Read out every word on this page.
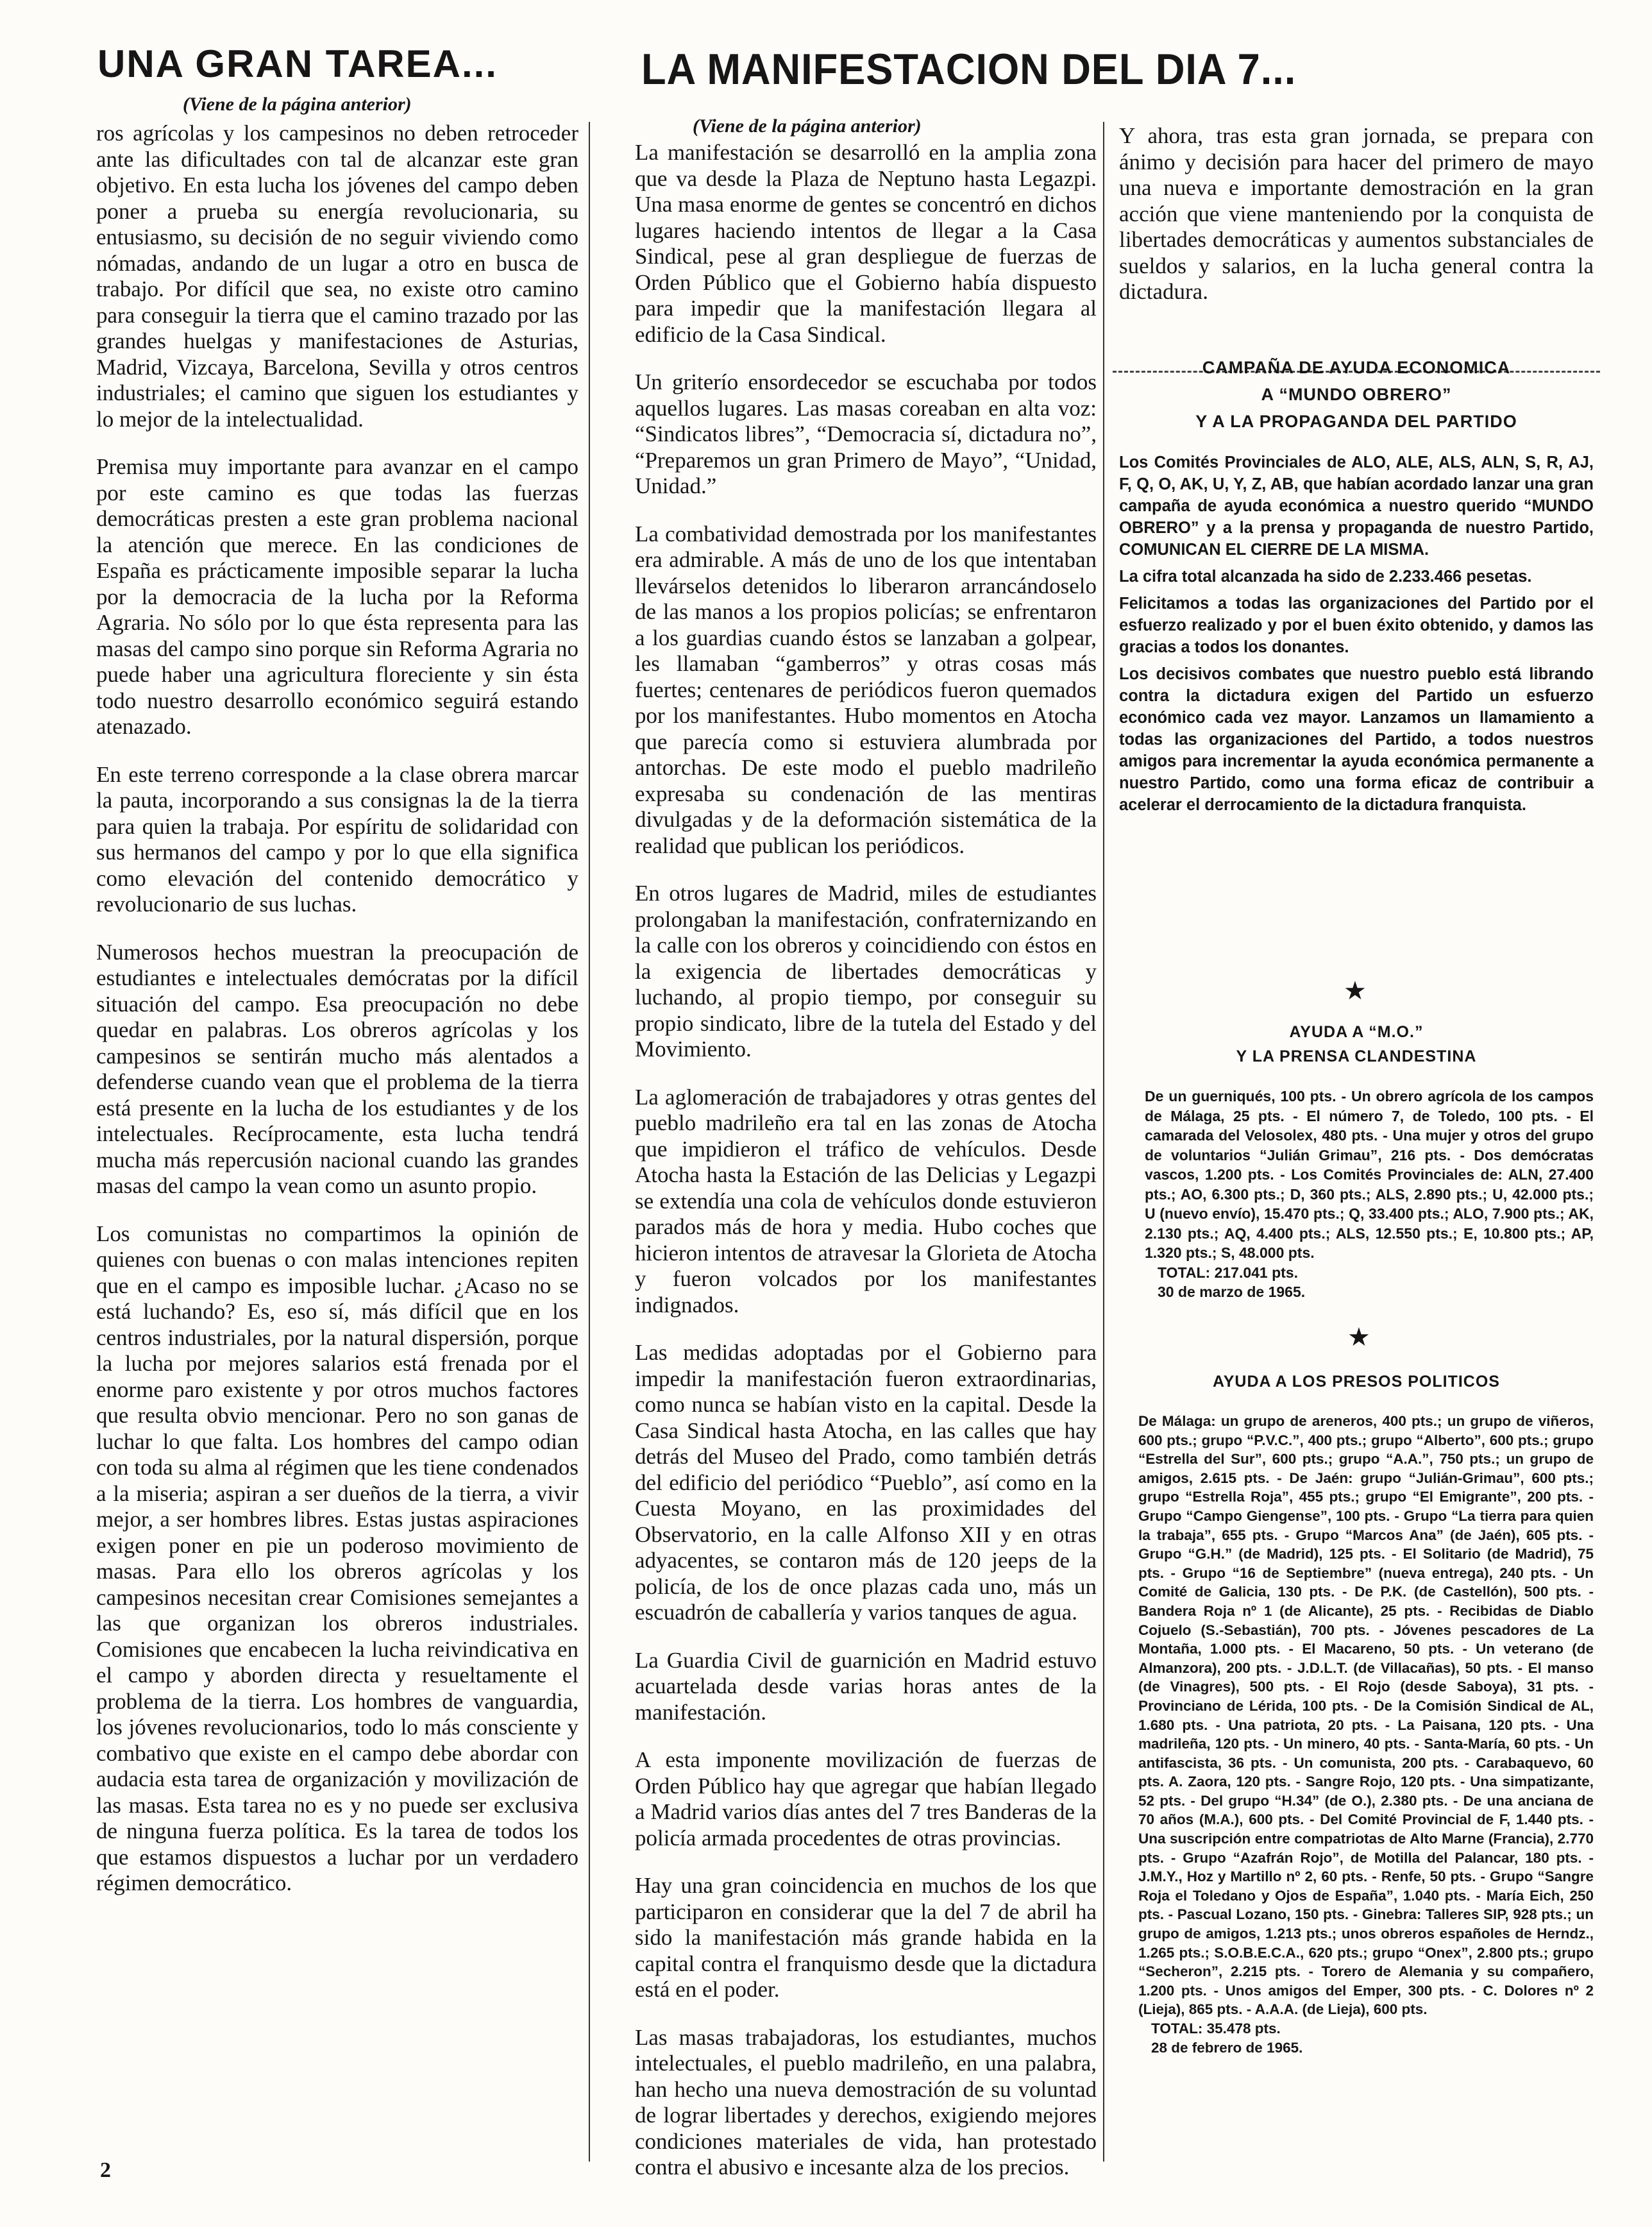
UNA GRAN TAREA...

(Viene de la página anterior)

ros agrícolas y los campesinos no deben retroceder ante las dificultades con tal de alcanzar este gran objetivo. En esta lucha los jóvenes del campo deben poner a prueba su energía revolucionaria, su entusiasmo, su decisión de no seguir viviendo como nómadas, andando de un lugar a otro en busca de trabajo. Por difícil que sea, no existe otro camino para conseguir la tierra que el camino trazado por las grandes huelgas y manifestaciones de Asturias, Madrid, Vizcaya, Barcelona, Sevilla y otros centros industriales; el camino que siguen los estudiantes y lo mejor de la intelectualidad.

Premisa muy importante para avanzar en el campo por este camino es que todas las fuerzas democráticas presten a este gran problema nacional la atención que merece. En las condiciones de España es prácticamente imposible separar la lucha por la democracia de la lucha por la Reforma Agraria. No sólo por lo que ésta representa para las masas del campo sino porque sin Reforma Agraria no puede haber una agricultura floreciente y sin ésta todo nuestro desarrollo económico seguirá estando atenazado.

En este terreno corresponde a la clase obrera marcar la pauta, incorporando a sus consignas la de la tierra para quien la trabaja. Por espíritu de solidaridad con sus hermanos del campo y por lo que ella significa como elevación del contenido democrático y revolucionario de sus luchas.

Numerosos hechos muestran la preocupación de estudiantes e intelectuales demócratas por la difícil situación del campo. Esa preocupación no debe quedar en palabras. Los obreros agrícolas y los campesinos se sentirán mucho más alentados a defenderse cuando vean que el problema de la tierra está presente en la lucha de los estudiantes y de los intelectuales. Recíprocamente, esta lucha tendrá mucha más repercusión nacional cuando las grandes masas del campo la vean como un asunto propio.

Los comunistas no compartimos la opinión de quienes con buenas o con malas intenciones repiten que en el campo es imposible luchar. ¿Acaso no se está luchando? Es, eso sí, más difícil que en los centros industriales, por la natural dispersión, porque la lucha por mejores salarios está frenada por el enorme paro existente y por otros muchos factores que resulta obvio mencionar. Pero no son ganas de luchar lo que falta. Los hombres del campo odian con toda su alma al régimen que les tiene condenados a la miseria; aspiran a ser dueños de la tierra, a vivir mejor, a ser hombres libres. Estas justas aspiraciones exigen poner en pie un poderoso movimiento de masas. Para ello los obreros agrícolas y los campesinos necesitan crear Comisiones semejantes a las que organizan los obreros industriales. Comisiones que encabecen la lucha reivindicativa en el campo y aborden directa y resueltamente el problema de la tierra. Los hombres de vanguardia, los jóvenes revolucionarios, todo lo más consciente y combativo que existe en el campo debe abordar con audacia esta tarea de organización y movilización de las masas. Esta tarea no es y no puede ser exclusiva de ninguna fuerza política. Es la tarea de todos los que estamos dispuestos a luchar por un verdadero régimen democrático.

2
LA MANIFESTACION DEL DIA 7...

(Viene de la página anterior)

La manifestación se desarrolló en la amplia zona que va desde la Plaza de Neptuno hasta Legazpi. Una masa enorme de gentes se concentró en dichos lugares haciendo intentos de llegar a la Casa Sindical, pese al gran despliegue de fuerzas de Orden Público que el Gobierno había dispuesto para impedir que la manifestación llegara al edificio de la Casa Sindical.

Un griterío ensordecedor se escuchaba por todos aquellos lugares. Las masas coreaban en alta voz: “Sindicatos libres”, “Democracia sí, dictadura no”, “Preparemos un gran Primero de Mayo”, “Unidad, Unidad.”

La combatividad demostrada por los manifestantes era admirable. A más de uno de los que intentaban llevárselos detenidos lo liberaron arrancándoselo de las manos a los propios policías; se enfrentaron a los guardias cuando éstos se lanzaban a golpear, les llamaban “gamberros” y otras cosas más fuertes; centenares de periódicos fueron quemados por los manifestantes. Hubo momentos en Atocha que parecía como si estuviera alumbrada por antorchas. De este modo el pueblo madrileño expresaba su condenación de las mentiras divulgadas y de la deformación sistemática de la realidad que publican los periódicos.

En otros lugares de Madrid, miles de estudiantes prolongaban la manifestación, confraternizando en la calle con los obreros y coincidiendo con éstos en la exigencia de libertades democráticas y luchando, al propio tiempo, por conseguir su propio sindicato, libre de la tutela del Estado y del Movimiento.

La aglomeración de trabajadores y otras gentes del pueblo madrileño era tal en las zonas de Atocha que impidieron el tráfico de vehículos. Desde Atocha hasta la Estación de las Delicias y Legazpi se extendía una cola de vehículos donde estuvieron parados más de hora y media. Hubo coches que hicieron intentos de atravesar la Glorieta de Atocha y fueron volcados por los manifestantes indignados.

Las medidas adoptadas por el Gobierno para impedir la manifestación fueron extraordinarias, como nunca se habían visto en la capital. Desde la Casa Sindical hasta Atocha, en las calles que hay detrás del Museo del Prado, como también detrás del edificio del periódico “Pueblo”, así como en la Cuesta Moyano, en las proximidades del Observatorio, en la calle Alfonso XII y en otras adyacentes, se contaron más de 120 jeeps de la policía, de los de once plazas cada uno, más un escuadrón de caballería y varios tanques de agua.

La Guardia Civil de guarnición en Madrid estuvo acuartelada desde varias horas antes de la manifestación.

A esta imponente movilización de fuerzas de Orden Público hay que agregar que habían llegado a Madrid varios días antes del 7 tres Banderas de la policía armada procedentes de otras provincias.

Hay una gran coincidencia en muchos de los que participaron en considerar que la del 7 de abril ha sido la manifestación más grande habida en la capital contra el franquismo desde que la dictadura está en el poder.

Las masas trabajadoras, los estudiantes, muchos intelectuales, el pueblo madrileño, en una palabra, han hecho una nueva demostración de su voluntad de lograr libertades y derechos, exigiendo mejores condiciones materiales de vida, han protestado contra el abusivo e incesante alza de los precios.

Y ahora, tras esta gran jornada, se prepara con ánimo y decisión para hacer del primero de mayo una nueva e importante demostración en la gran acción que viene manteniendo por la conquista de libertades democráticas y aumentos substanciales de sueldos y salarios, en la lucha general contra la dictadura.

CAMPAÑA DE AYUDA ECONOMICA

A “MUNDO OBRERO”

Y A LA PROPAGANDA DEL PARTIDO

Los Comités Provinciales de ALO, ALE, ALS, ALN, S, R, AJ, F, Q, O, AK, U, Y, Z, AB, que habían acordado lanzar una gran campaña de ayuda económica a nuestro querido “MUNDO OBRERO” y a la prensa y propaganda de nuestro Partido, COMUNICAN EL CIERRE DE LA MISMA.

La cifra total alcanzada ha sido de 2.233.466 pesetas.

Felicitamos a todas las organizaciones del Partido por el esfuerzo realizado y por el buen éxito obtenido, y damos las gracias a todos los donantes.

Los decisivos combates que nuestro pueblo está librando contra la dictadura exigen del Partido un esfuerzo económico cada vez mayor. Lanzamos un llamamiento a todas las organizaciones del Partido, a todos nuestros amigos para incrementar la ayuda económica permanente a nuestro Partido, como una forma eficaz de contribuir a acelerar el derrocamiento de la dictadura franquista.

★

AYUDA A “M.O.”

Y LA PRENSA CLANDESTINA

De un guerniqués, 100 pts. - Un obrero agrícola de los campos de Málaga, 25 pts. - El número 7, de Toledo, 100 pts. - El camarada del Velosolex, 480 pts. - Una mujer y otros del grupo de voluntarios “Julián Grimau”, 216 pts. - Dos demócratas vascos, 1.200 pts. - Los Comités Provinciales de: ALN, 27.400 pts.; AO, 6.300 pts.; D, 360 pts.; ALS, 2.890 pts.; U, 42.000 pts.; U (nuevo envío), 15.470 pts.; Q, 33.400 pts.; ALO, 7.900 pts.; AK, 2.130 pts.; AQ, 4.400 pts.; ALS, 12.550 pts.; E, 10.800 pts.; AP, 1.320 pts.; S, 48.000 pts.

TOTAL: 217.041 pts.

30 de marzo de 1965.

★

AYUDA A LOS PRESOS POLITICOS

De Málaga: un grupo de areneros, 400 pts.; un grupo de viñeros, 600 pts.; grupo “P.V.C.”, 400 pts.; grupo “Alberto”, 600 pts.; grupo “Estrella del Sur”, 600 pts.; grupo “A.A.”, 750 pts.; un grupo de amigos, 2.615 pts. - De Jaén: grupo “Julián-Grimau”, 600 pts.; grupo “Estrella Roja”, 455 pts.; grupo “El Emigrante”, 200 pts. - Grupo “Campo Giengense”, 100 pts. - Grupo “La tierra para quien la trabaja”, 655 pts. - Grupo “Marcos Ana” (de Jaén), 605 pts. - Grupo “G.H.” (de Madrid), 125 pts. - El Solitario (de Madrid), 75 pts. - Grupo “16 de Septiembre” (nueva entrega), 240 pts. - Un Comité de Galicia, 130 pts. - De P.K. (de Castellón), 500 pts. - Bandera Roja nº 1 (de Alicante), 25 pts. - Recibidas de Diablo Cojuelo (S.-Sebastián), 700 pts. - Jóvenes pescadores de La Montaña, 1.000 pts. - El Macareno, 50 pts. - Un veterano (de Almanzora), 200 pts. - J.D.L.T. (de Villacañas), 50 pts. - El manso (de Vinagres), 500 pts. - El Rojo (desde Saboya), 31 pts. - Provinciano de Lérida, 100 pts. - De la Comisión Sindical de AL, 1.680 pts. - Una patriota, 20 pts. - La Paisana, 120 pts. - Una madrileña, 120 pts. - Un minero, 40 pts. - Santa-María, 60 pts. - Un antifascista, 36 pts. - Un comunista, 200 pts. - Carabaquevo, 60 pts. A. Zaora, 120 pts. - Sangre Rojo, 120 pts. - Una simpatizante, 52 pts. - Del grupo “H.34” (de O.), 2.380 pts. - De una anciana de 70 años (M.A.), 600 pts. - Del Comité Provincial de F, 1.440 pts. - Una suscripción entre compatriotas de Alto Marne (Francia), 2.770 pts. - Grupo “Azafrán Rojo”, de Motilla del Palancar, 180 pts. - J.M.Y., Hoz y Martillo nº 2, 60 pts. - Renfe, 50 pts. - Grupo “Sangre Roja el Toledano y Ojos de España”, 1.040 pts. - María Eich, 250 pts. - Pascual Lozano, 150 pts. - Ginebra: Talleres SIP, 928 pts.; un grupo de amigos, 1.213 pts.; unos obreros españoles de Herndz., 1.265 pts.; S.O.B.E.C.A., 620 pts.; grupo “Onex”, 2.800 pts.; grupo “Secheron”, 2.215 pts. - Torero de Alemania y su compañero, 1.200 pts. - Unos amigos del Emper, 300 pts. - C. Dolores nº 2 (Lieja), 865 pts. - A.A.A. (de Lieja), 600 pts.

TOTAL: 35.478 pts.

28 de febrero de 1965.
